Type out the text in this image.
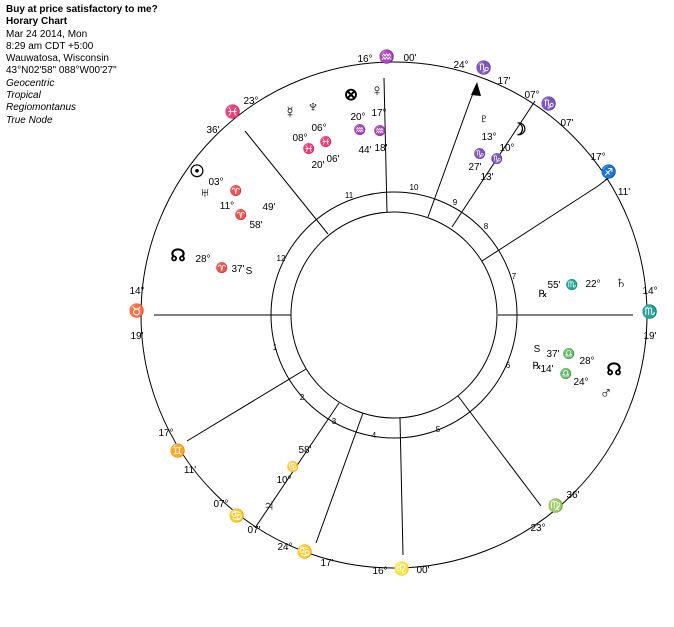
Buy at price satisfactory to me?
Horary Chart
Mar 24 2014, Mon
8:29 am CDT +5:00
Wauwatosa, Wisconsin
43°N02'58" 088°W00'27"
Geocentric
Tropical
Regiomontanus
True Node
1
2
3
4
5
6
7
8
9
10
11
12
14°
♉
19'
17°
♊
11'
07°
♋
07'
24° ♋
17'
16° ♌ 00'
23°
♍
36'
14°
♏
19'
17°
♐
11'
07°
♑
07'
24° ♑
17'
16° ♒ 00'
23°
♓
36'
☉
03°
♈
49'
♅
11°
♈
58'
☊ 28°
♈ 37' S
♃
10°
♋
58'
♄
22°
♏
55'
℞
☊
28°
♎
37'
S
♂
24°
♎
14'
℞
♇
13°
♑
27'
☽
10°
♑
13'
⊗
20°
♒
44'
♀
17°
♒
18'
☿
08°
♓
20'
♆
06°
♓
06'
